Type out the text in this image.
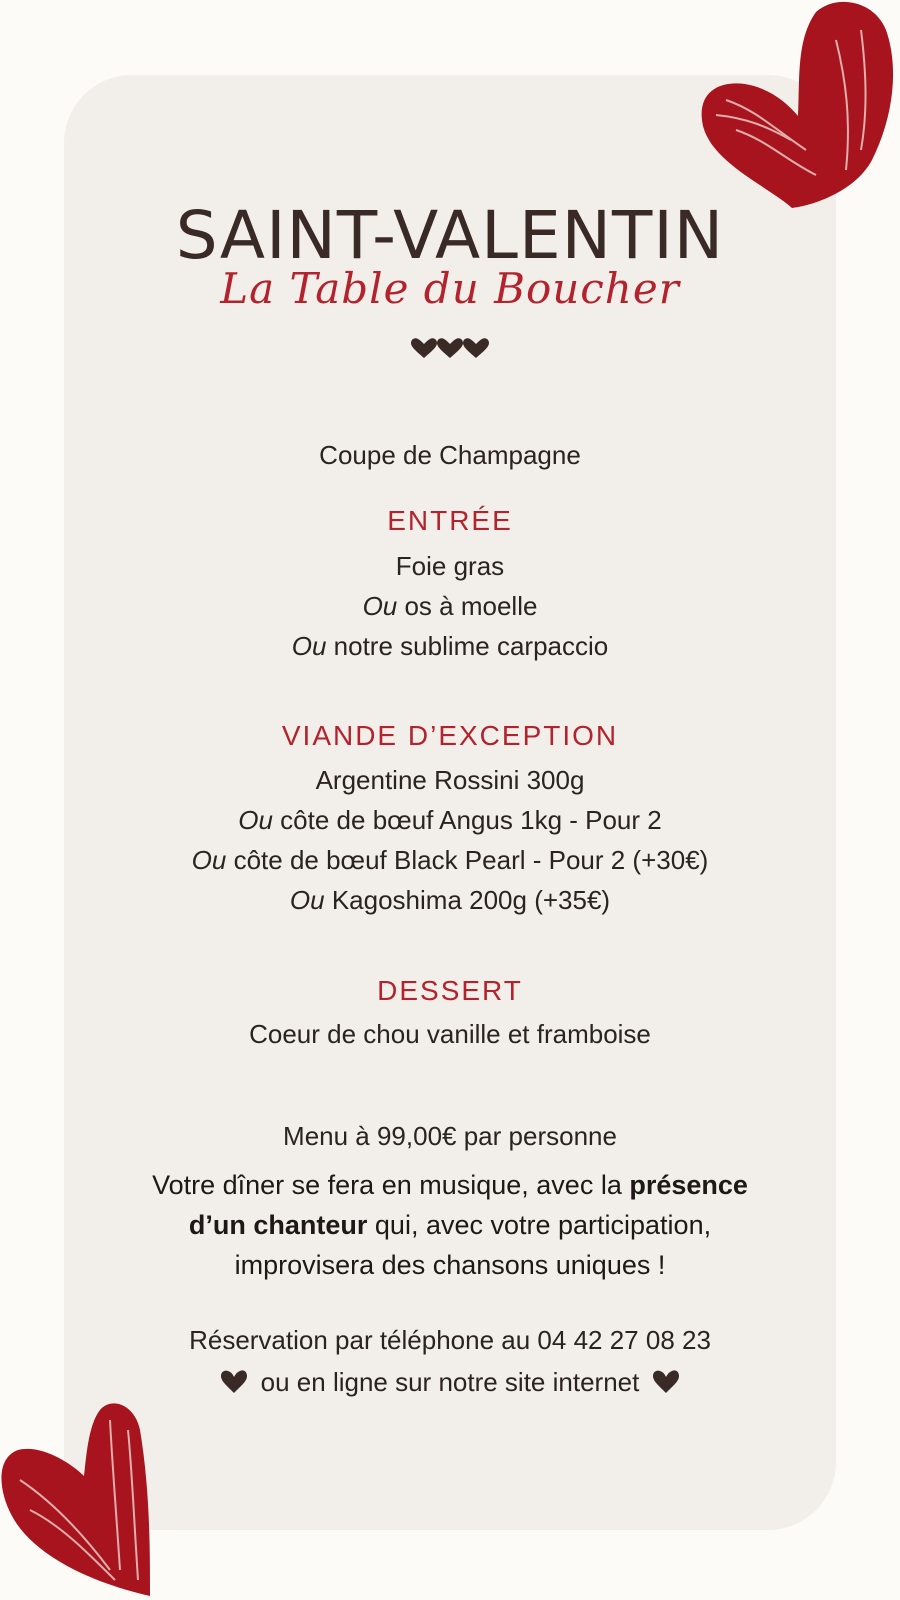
SAINT-VALENTIN
La Table du Boucher
Coupe de Champagne
ENTRÉE
Foie gras
Ou os à moelle
Ou notre sublime carpaccio
VIANDE D’EXCEPTION
Argentine Rossini 300g
Ou côte de bœuf Angus 1kg - Pour 2
Ou côte de bœuf Black Pearl - Pour 2 (+30€)
Ou Kagoshima 200g (+35€)
DESSERT
Coeur de chou vanille et framboise
Menu à 99,00€ par personne
Votre dîner se fera en musique, avec la présence
d’un chanteur qui, avec votre participation,
improvisera des chansons uniques !
Réservation par téléphone au 04 42 27 08 23
ou en ligne sur notre site internet
